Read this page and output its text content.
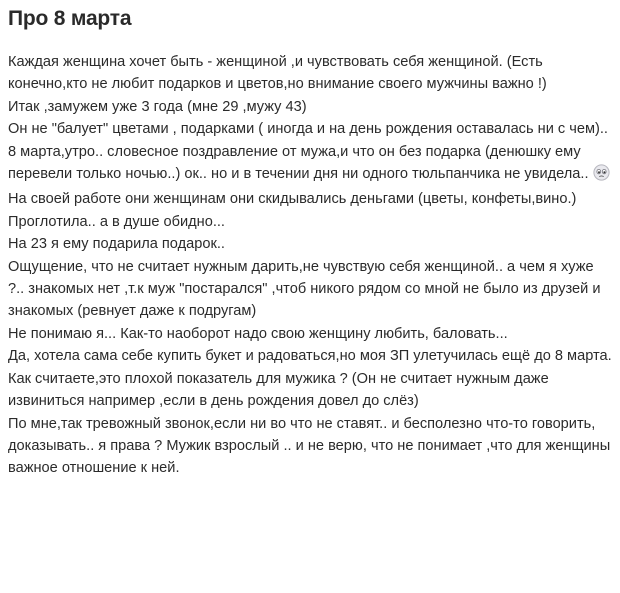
Про 8 марта

Каждая женщина хочет быть - женщиной ,и чувствовать себя женщиной. (Есть конечно,кто не любит подарков и цветов,но внимание своего мужчины важно !)

Итак ,замужем уже 3 года (мне 29 ,мужу 43)

Он не "балует" цветами , подарками ( иногда и на день рождения оставалась ни с чем)..

8 марта,утро.. словесное поздравление от мужа,и что он без подарка (денюшку ему перевели только ночью..) ок.. но и в течении дня ни одного тюльпанчика не увидела..

На своей работе они женщинам они скидывались деньгами (цветы, конфеты,вино.)

Проглотила.. а в душе обидно...

На 23 я ему подарила подарок..

Ощущение, что не считает нужным дарить,не чувствую себя женщиной.. а чем я хуже ?.. знакомых нет ,т.к муж "постарался" ,чтоб никого рядом со мной не было из друзей и знакомых (ревнует даже к подругам)

Не понимаю я... Как-то наоборот надо свою женщину любить, баловать...

Да, хотела сама себе купить букет и радоваться,но моя ЗП улетучилась ещё до 8 марта.

Как считаете,это плохой показатель для мужика ? (Он не считает нужным даже извиниться например ,если в день рождения довел до слёз)

По мне,так тревожный звонок,если ни во что не ставят.. и бесполезно что-то говорить, доказывать.. я права ? Мужик взрослый .. и не верю, что не понимает ,что для женщины важное отношение к ней.
